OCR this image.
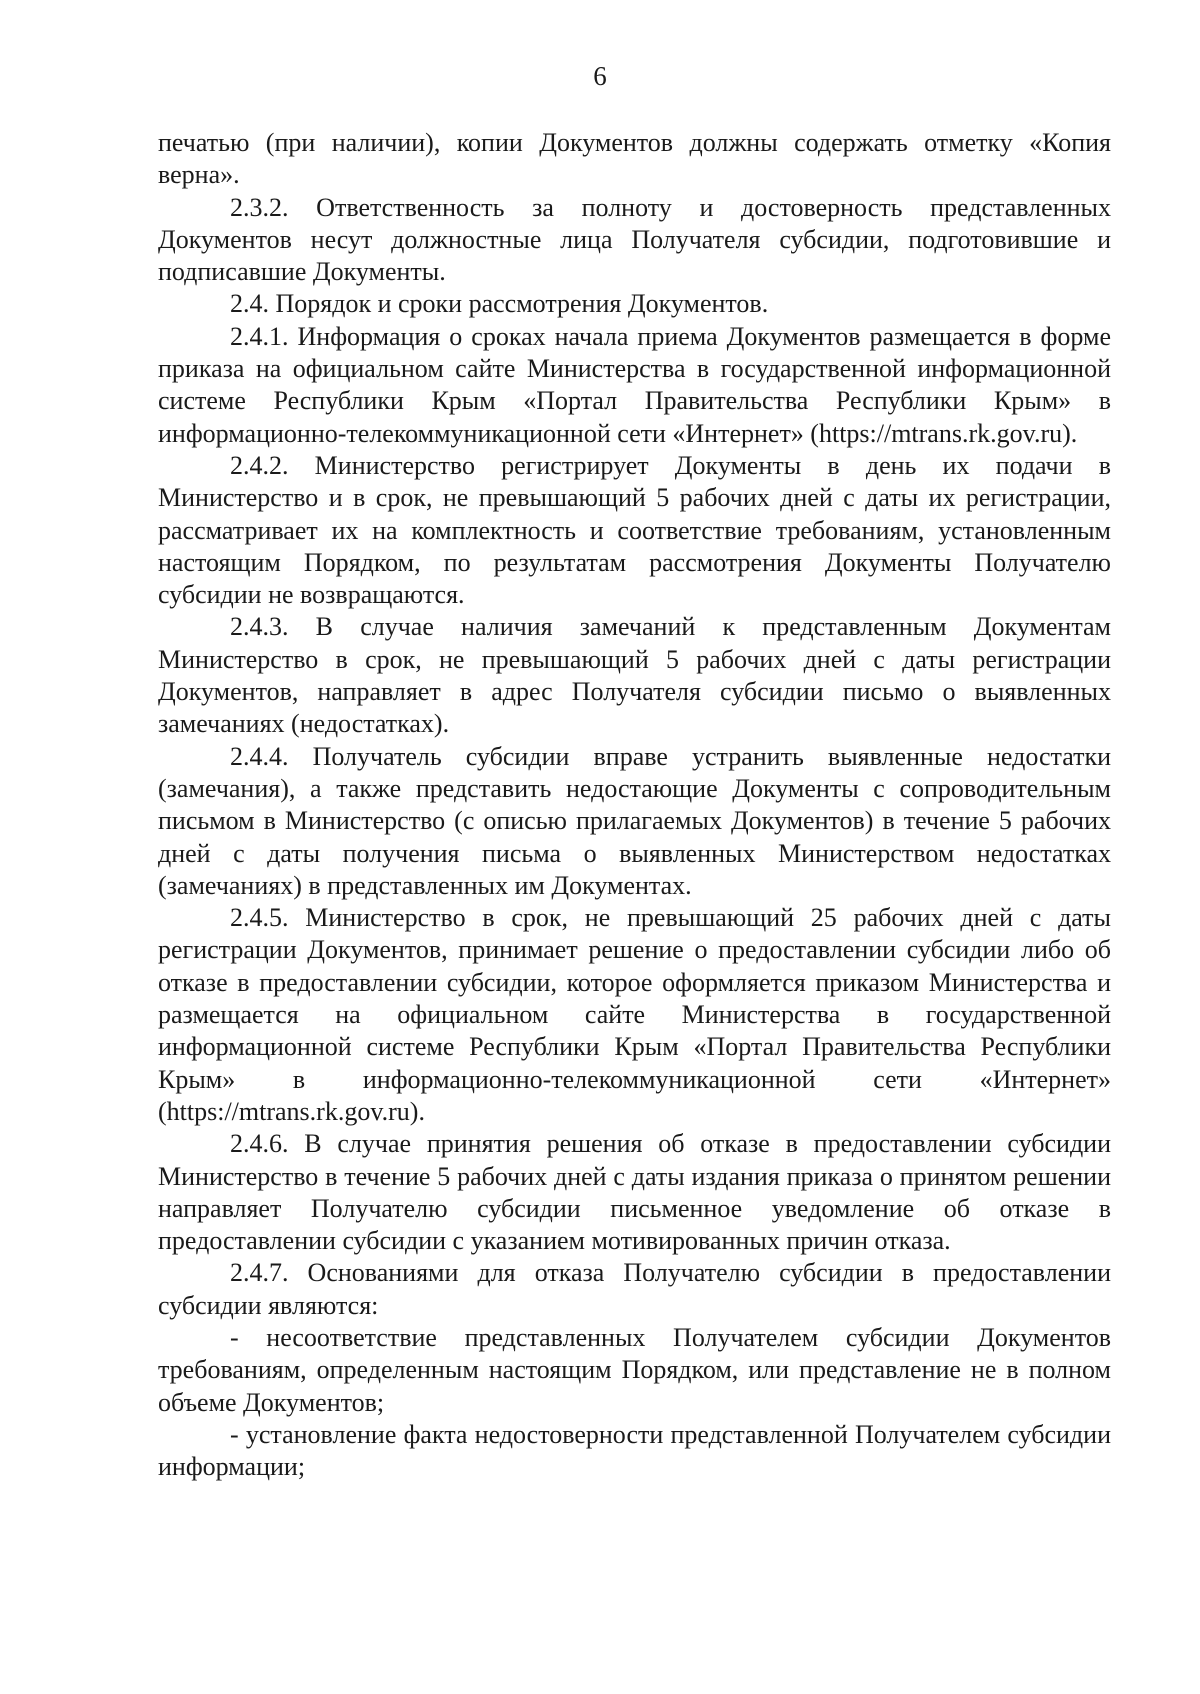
6

печатью (при наличии), копии Документов должны содержать отметку «Копия верна».

2.3.2. Ответственность за полноту и достоверность представленных Документов несут должностные лица Получателя субсидии, подготовившие и подписавшие Документы.

2.4. Порядок и сроки рассмотрения Документов.

2.4.1. Информация о сроках начала приема Документов размещается в форме приказа на официальном сайте Министерства в государственной информационной системе Республики Крым «Портал Правительства Республики Крым» в информационно-телекоммуникационной сети «Интернет» (https://mtrans.rk.gov.ru).

2.4.2. Министерство регистрирует Документы в день их подачи в Министерство и в срок, не превышающий 5 рабочих дней с даты их регистрации, рассматривает их на комплектность и соответствие требованиям, установленным настоящим Порядком, по результатам рассмотрения Документы Получателю субсидии не возвращаются.

2.4.3. В случае наличия замечаний к представленным Документам Министерство в срок, не превышающий 5 рабочих дней с даты регистрации Документов, направляет в адрес Получателя субсидии письмо о выявленных замечаниях (недостатках).

2.4.4. Получатель субсидии вправе устранить выявленные недостатки (замечания), а также представить недостающие Документы с сопроводительным письмом в Министерство (с описью прилагаемых Документов) в течение 5 рабочих дней с даты получения письма о выявленных Министерством недостатках (замечаниях) в представленных им Документах.

2.4.5. Министерство в срок, не превышающий 25 рабочих дней с даты регистрации Документов, принимает решение о предоставлении субсидии либо об отказе в предоставлении субсидии, которое оформляется приказом Министерства и размещается на официальном сайте Министерства в государственной информационной системе Республики Крым «Портал Правительства Республики Крым» в информационно-телекоммуникационной сети «Интернет» (https://mtrans.rk.gov.ru).

2.4.6. В случае принятия решения об отказе в предоставлении субсидии Министерство в течение 5 рабочих дней с даты издания приказа о принятом решении направляет Получателю субсидии письменное уведомление об отказе в предоставлении субсидии с указанием мотивированных причин отказа.

2.4.7. Основаниями для отказа Получателю субсидии в предоставлении субсидии являются:

- несоответствие представленных Получателем субсидии Документов требованиям, определенным настоящим Порядком, или представление не в полном объеме Документов;

- установление факта недостоверности представленной Получателем субсидии информации;
